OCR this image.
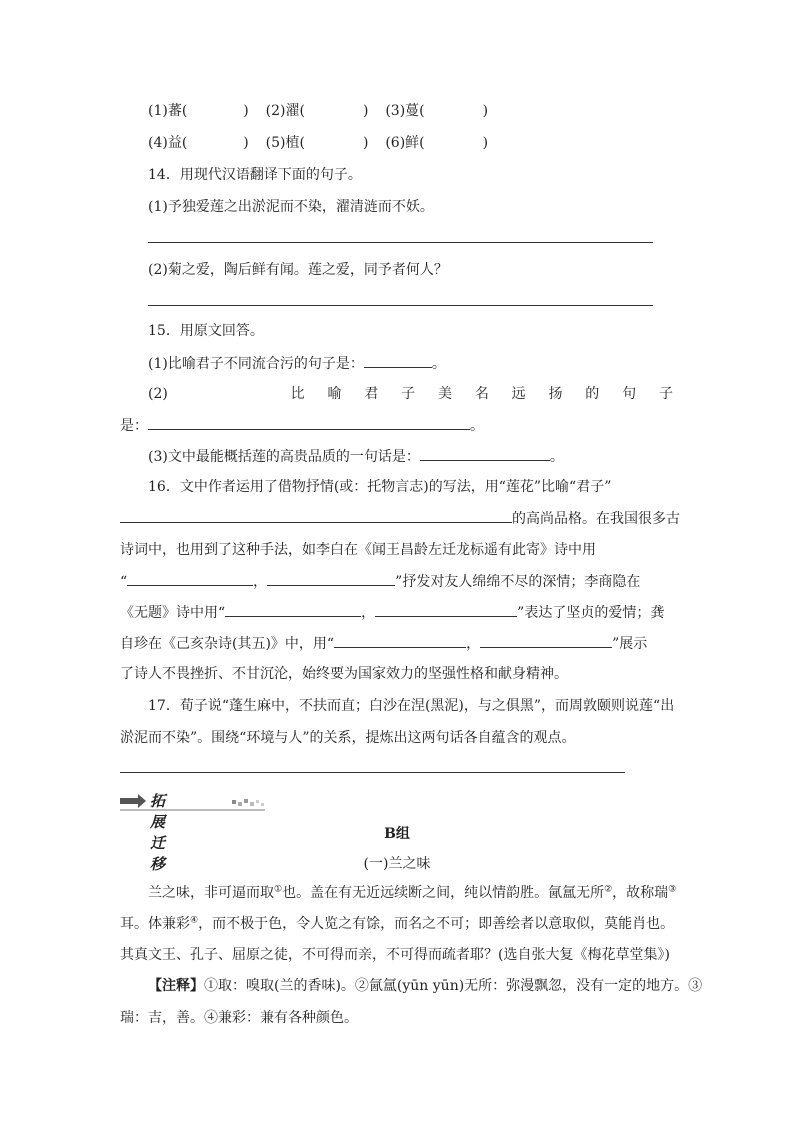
(1)蕃(	) (2)濯(	) (3)蔓(	)
(4)益(	) (5)植(	) (6)鲜(	)
14．用现代汉语翻译下面的句子。
(1)予独爱莲之出淤泥而不染，濯清涟而不妖。
(2)菊之爱，陶后鲜有闻。莲之爱，同予者何人？
15．用原文回答。
(1)比喻君子不同流合污的句子是：	。
(2)	比 喻 君 子 美 名 远 扬 的 句 子
是：	。
(3)文中最能概括莲的高贵品质的一句话是：	。
16．文中作者运用了借物抒情(或：托物言志)的写法，用“莲花”比喻“君子”
的高尚品格。在我国很多古
诗词中，也用到了这种手法，如李白在《闻王昌龄左迁龙标遥有此寄》诗中用
“	，	”抒发对友人绵绵不尽的深情；李商隐在
《无题》诗中用“	，	”表达了坚贞的爱情；龚
自珍在《己亥杂诗(其五)》中，用“	，	”展示
了诗人不畏挫折、不甘沉沦，始终要为国家效力的坚强性格和献身精神。
17．荀子说“蓬生麻中，不扶而直；白沙在涅(黑泥)，与之俱黑”，而周敦颐则说莲“出
淤泥而不染”。围绕“环境与人”的关系，提炼出这两句话各自蕴含的观点。
拓展迁移
B组
(一)兰之味
兰之味，非可逼而取①也。盖在有无近远续断之间，纯以情韵胜。氤氲无所②，故称瑞③
耳。体兼彩④，而不极于色，令人览之有馀，而名之不可；即善绘者以意取似，莫能肖也。
其真文王、孔子、屈原之徒，不可得而亲，不可得而疏者耶？(选自张大复《梅花草堂集》)
【注释】①取：嗅取(兰的香味)。②氤氲(yūn yūn)无所：弥漫飘忽，没有一定的地方。③
瑞：吉，善。④兼彩：兼有各种颜色。
